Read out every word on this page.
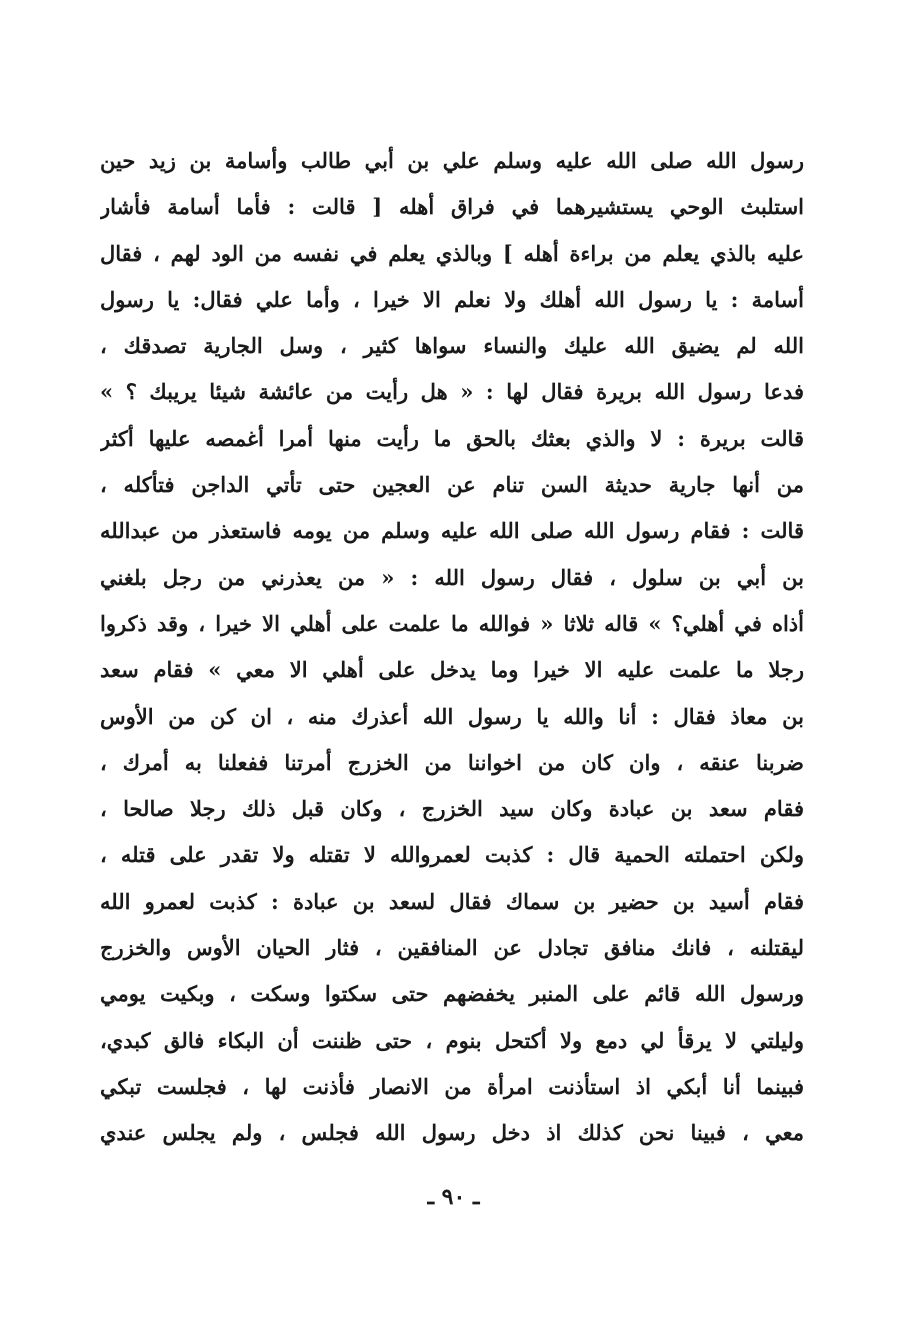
رسول الله صلى الله عليه وسلم علي بن أبي طالب وأسامة بن زيد حين
استلبث الوحي يستشيرهما في فراق أهله [ قالت : فأما أسامة فأشار
عليه بالذي يعلم من براءة أهله ] وبالذي يعلم في نفسه من الود لهم ، فقال
أسامة : يا رسول الله أهلك ولا نعلم الا خيرا ، وأما علي فقال: يا رسول
الله لم يضيق الله عليك والنساء سواها كثير ، وسل الجارية تصدقك ،
فدعا رسول الله بريرة فقال لها : « هل رأيت من عائشة شيئا يريبك ؟ »
قالت بريرة : لا والذي بعثك بالحق ما رأيت منها أمرا أغمصه عليها أكثر
من أنها جارية حديثة السن تنام عن العجين حتى تأتي الداجن فتأكله ،
قالت : فقام رسول الله صلى الله عليه وسلم من يومه فاستعذر من عبدالله
بن أبي بن سلول ، فقال رسول الله : « من يعذرني من رجل بلغني
أذاه في أهلي؟ » قاله ثلاثا « فوالله ما علمت على أهلي الا خيرا ، وقد ذكروا
رجلا ما علمت عليه الا خيرا وما يدخل على أهلي الا معي » فقام سعد
بن معاذ فقال : أنا والله يا رسول الله أعذرك منه ، ان كن من الأوس
ضربنا عنقه ، وان كان من اخواننا من الخزرج أمرتنا ففعلنا به أمرك ،
فقام سعد بن عبادة وكان سيد الخزرج ، وكان قبل ذلك رجلا صالحا ،
ولكن احتملته الحمية قال : كذبت لعمروالله لا تقتله ولا تقدر على قتله ،
فقام أسيد بن حضير بن سماك فقال لسعد بن عبادة : كذبت لعمرو الله
ليقتلنه ، فانك منافق تجادل عن المنافقين ، فثار الحيان الأوس والخزرج
ورسول الله قائم على المنبر يخفضهم حتى سكتوا وسكت ، وبكيت يومي
وليلتي لا يرقأ لي دمع ولا أكتحل بنوم ، حتى ظننت أن البكاء فالق كبدي،
فبينما أنا أبكي اذ استأذنت امرأة من الانصار فأذنت لها ، فجلست تبكي
معي ، فبينا نحن كذلك اذ دخل رسول الله فجلس ، ولم يجلس عندي
ـ ٩٠ ـ
